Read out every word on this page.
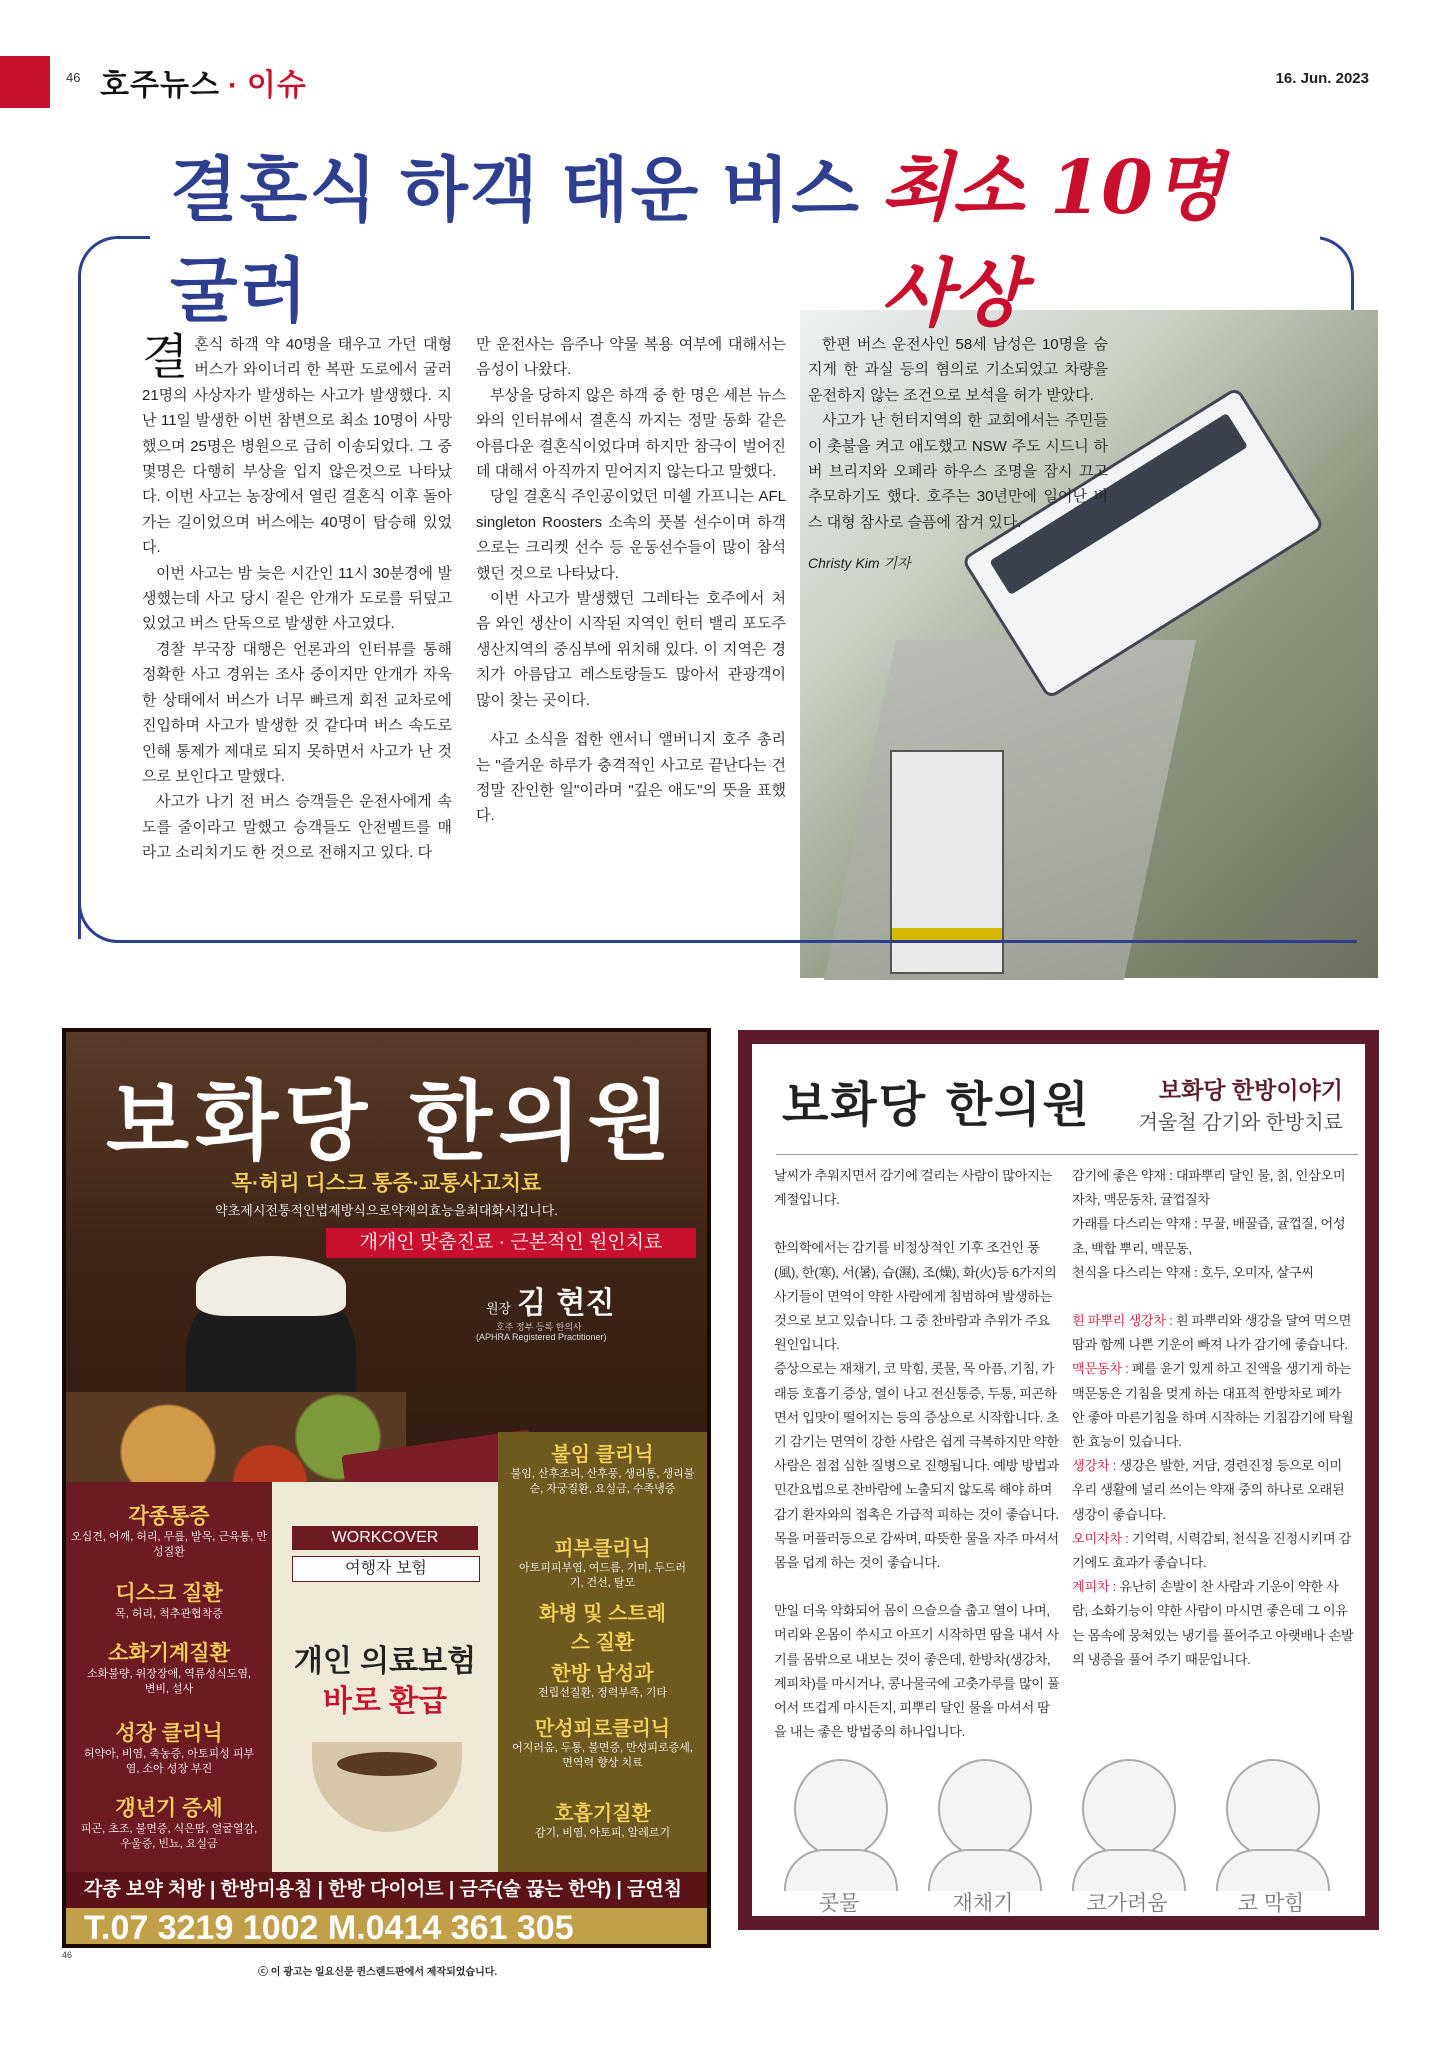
46 호주뉴스 · 이슈	16. Jun. 2023
결혼식 하객 태운 버스 굴러
최소 10명 사상

결혼식 하객 약 40명을 태우고 가던 대형버스가 와이너리 한 복판 도로에서 굴러 21명의 사상자가 발생하는 사고가 발생했다. 지난 11일 발생한 이번 참변으로 최소 10명이 사망했으며 25명은 병원으로 급히 이송되었다. 그 중 몇명은 다행히 부상을 입지 않은것으로 나타났다. 이번 사고는 농장에서 열린 결혼식 이후 돌아가는 길이었으며 버스에는 40명이 탑승해 있었다.

이번 사고는 밤 늦은 시간인 11시 30분경에 발생했는데 사고 당시 짙은 안개가 도로를 뒤덮고 있었고 버스 단독으로 발생한 사고였다.

경찰 부국장 대행은 언론과의 인터뷰를 통해 정확한 사고 경위는 조사 중이지만 안개가 자욱한 상태에서 버스가 너무 빠르게 회전 교차로에 진입하며 사고가 발생한 것 같다며 버스 속도로 인해 통제가 제대로 되지 못하면서 사고가 난 것으로 보인다고 말했다.

사고가 나기 전 버스 승객들은 운전사에게 속도를 줄이라고 말했고 승객들도 안전벨트를 매라고 소리치기도 한 것으로 전해지고 있다. 다

만 운전사는 음주나 약물 복용 여부에 대해서는 음성이 나왔다.

부상을 당하지 않은 하객 중 한 명은 세븐 뉴스와의 인터뷰에서 결혼식 까지는 정말 동화 같은 아름다운 결혼식이었다며 하지만 참극이 벌어진데 대해서 아직까지 믿어지지 않는다고 말했다.

당일 결혼식 주인공이었던 미쉘 가프니는 AFL singleton Roosters 소속의 풋볼 선수이며 하객으로는 크리켓 선수 등 운동선수들이 많이 참석했던 것으로 나타났다.

이번 사고가 발생했던 그레타는 호주에서 처음 와인 생산이 시작된 지역인 헌터 밸리 포도주 생산지역의 중심부에 위치해 있다. 이 지역은 경치가 아름답고 레스토랑들도 많아서 관광객이 많이 찾는 곳이다.

사고 소식을 접한 앤서니 앨버니지 호주 총리는 "즐거운 하루가 충격적인 사고로 끝난다는 건 정말 잔인한 일"이라며 "깊은 애도"의 뜻을 표했다.

한편 버스 운전사인 58세 남성은 10명을 숨지게 한 과실 등의 혐의로 기소되었고 차량을 운전하지 않는 조건으로 보석을 허가 받았다.

사고가 난 헌터지역의 한 교회에서는 주민들이 촛불을 켜고 애도했고 NSW 주도 시드니 하버 브리지와 오페라 하우스 조명을 잠시 끄고 추모하기도 했다. 호주는 30년만에 일어난 버스 대형 참사로 슬픔에 잠겨 있다.

Christy Kim 기자
보화당 한의원
목·허리 디스크 통증·교통사고치료
약초제시전통적인법제방식으로약재의효능을최대화시킵니다.
개개인 맞춤진료 · 근본적인 원인치료
원장 김 현진
호주 정부 등록 한의사
(APHRA Registered Practitioner)
각종통증
오십견, 어깨, 허리, 무릎, 발목, 근육통, 만성질환
디스크 질환
목, 허리, 척추관협착증
소화기계질환
소화불량, 위장장애, 역류성식도염, 변비, 설사
성장 클리닉
허약아, 비염, 축농증, 아토피성 피부염, 소아 성장 부진
갱년기 증세
피곤, 초조, 불면증, 식은땀, 얼굴열감, 우울증, 빈뇨, 요실금
WORKCOVER
여행자 보험
개인 의료보험
바로 환급
불임 클리닉
불임, 산후조리, 산후풍, 생리통, 생리불순, 자궁질환, 요실금, 수족냉증
피부클리닉
아토피피부염, 여드름, 기미, 두드러기, 건선, 탈모
화병 및 스트레스 질환
한방 남성과
전립선질환, 정력부족, 기타
만성피로클리닉
어지러움, 두통, 불면증, 만성피로증세, 면역력 향상 치료
호흡기질환
감기, 비염, 아토피, 알레르기
각종 보약 처방 | 한방미용침 | 한방 다이어트 | 금주(술 끊는 한약) | 금연침
T.07 3219 1002 M.0414 361 305

46
ⓒ 이 광고는 일요신문 퀸스랜드판에서 제작되었습니다.
보화당 한의원	보화당 한방이야기
겨울철 감기와 한방치료

날씨가 추워지면서 감기에 걸리는 사람이 많아지는 계절입니다.

한의학에서는 감기를 비정상적인 기후 조건인 풍(風), 한(寒), 서(暑), 습(濕), 조(燥), 화(火)등 6가지의 사기들이 면역이 약한 사람에게 침범하여 발생하는 것으로 보고 있습니다. 그 중 찬바람과 추위가 주요 원인입니다.

증상으로는 재채기, 코 막힘, 콧물, 목 아픔, 기침, 가래등 호흡기 증상, 열이 나고 전신통증, 두통, 피곤하면서 입맛이 떨어지는 등의 증상으로 시작합니다. 초기 감기는 면역이 강한 사람은 쉽게 극복하지만 약한 사람은 점점 심한 질병으로 진행됩니다. 예방 방법과 민간요법으로 찬바람에 노출되지 않도록 해야 하며 감기 환자와의 접촉은 가급적 피하는 것이 좋습니다. 목을 머플러등으로 감싸며, 따뜻한 물을 자주 마셔서 몸을 덥게 하는 것이 좋습니다.

만일 더욱 악화되어 몸이 으슬으슬 춥고 열이 나며, 머리와 온몸이 쑤시고 아프기 시작하면 땀을 내서 사기를 몸밖으로 내보는 것이 좋은데, 한방차(생강차, 계피차)를 마시거나, 콩나물국에 고춧가루를 많이 풀어서 뜨겁게 마시든지, 피뿌리 달인 물을 마셔서 땀을 내는 좋은 방법중의 하나입니다.

감기에 좋은 약재 : 대파뿌리 달인 물, 칡, 인삼오미자차, 맥문동차, 귤껍질차

가래를 다스리는 약재 : 무꿀, 배꿀즙, 귤껍질, 어성초, 백합 뿌리, 맥문동,

천식을 다스리는 약재 : 호두, 오미자, 살구씨

흰 파뿌리 생강차 : 흰 파뿌리와 생강을 달여 먹으면 땀과 함께 나쁜 기운이 빠져 나가 감기에 좋습니다.

맥문동차 : 폐를 윤기 있게 하고 진액을 생기게 하는 맥문동은 기침을 멎게 하는 대표적 한방차로 폐가 안 좋아 마른기침을 하며 시작하는 기침감기에 탁월한 효능이 있습니다.

생강차 : 생강은 발한, 거담, 경련진정 등으로 이미 우리 생활에 널리 쓰이는 약재 중의 하나로 오래된 생강이 좋습니다.

오미자차 : 기억력, 시력감퇴, 천식을 진정시키며 감기에도 효과가 좋습니다.

계피차 : 유난히 손발이 찬 사람과 기운이 약한 사람, 소화기능이 약한 사람이 마시면 좋은데 그 이유는 몸속에 뭉쳐있는 냉기를 풀어주고 아랫배나 손발의 냉증을 풀어 주기 때문입니다.

콧물	재채기	코가려움	코 막힘
